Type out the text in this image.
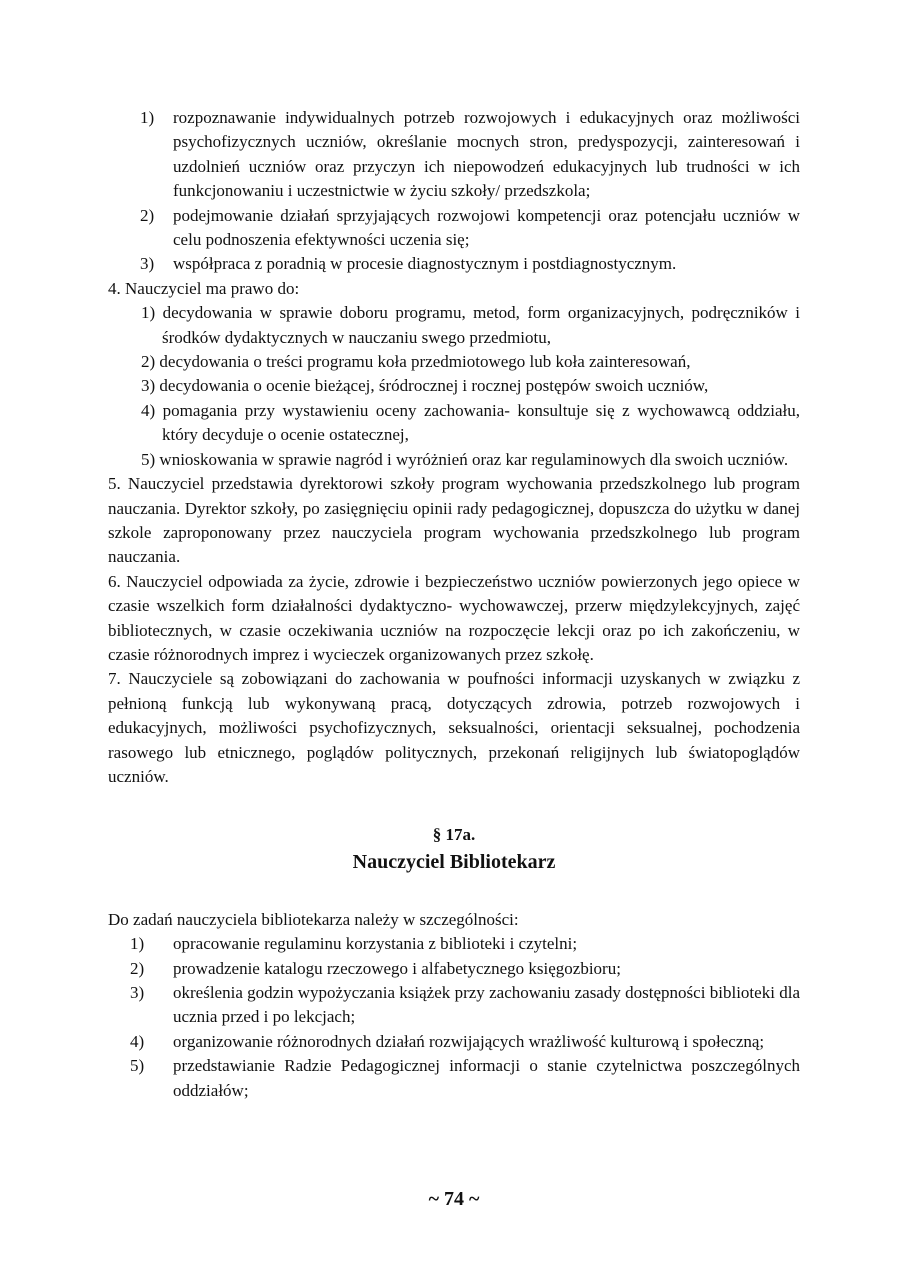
1) rozpoznawanie indywidualnych potrzeb rozwojowych i edukacyjnych oraz możliwości psychofizycznych uczniów, określanie mocnych stron, predyspozycji, zainteresowań i uzdolnień uczniów oraz przyczyn ich niepowodzeń edukacyjnych lub trudności w ich funkcjonowaniu i uczestnictwie w życiu szkoły/ przedszkola;
2) podejmowanie działań sprzyjających rozwojowi kompetencji oraz potencjału uczniów w celu podnoszenia efektywności uczenia się;
3) współpraca z poradnią w procesie diagnostycznym i postdiagnostycznym.

4. Nauczyciel ma prawo do:

1) decydowania w sprawie doboru programu, metod, form organizacyjnych, podręczników i środków dydaktycznych w nauczaniu swego przedmiotu,
2) decydowania o treści programu koła przedmiotowego lub koła zainteresowań,
3) decydowania o ocenie bieżącej, śródrocznej i rocznej postępów swoich uczniów,
4) pomagania przy wystawieniu oceny zachowania- konsultuje się z wychowawcą oddziału, który decyduje o ocenie ostatecznej,
5) wnioskowania w sprawie nagród i wyróżnień oraz kar regulaminowych dla swoich uczniów.

5. Nauczyciel przedstawia dyrektorowi szkoły program wychowania przedszkolnego lub program nauczania. Dyrektor szkoły, po zasięgnięciu opinii rady pedagogicznej, dopuszcza do użytku w danej szkole zaproponowany przez nauczyciela program wychowania przedszkolnego lub program nauczania.

6. Nauczyciel odpowiada za życie, zdrowie i bezpieczeństwo uczniów powierzonych jego opiece w czasie wszelkich form działalności dydaktyczno- wychowawczej, przerw międzylekcyjnych, zajęć bibliotecznych, w czasie oczekiwania uczniów na rozpoczęcie lekcji oraz po ich zakończeniu, w czasie różnorodnych imprez i wycieczek organizowanych przez szkołę.

7. Nauczyciele są zobowiązani do zachowania w poufności informacji uzyskanych w związku z pełnioną funkcją lub wykonywaną pracą, dotyczących zdrowia, potrzeb rozwojowych i edukacyjnych, możliwości psychofizycznych, seksualności, orientacji seksualnej, pochodzenia rasowego lub etnicznego, poglądów politycznych, przekonań religijnych lub światopoglądów uczniów.

§ 17a.
Nauczyciel Bibliotekarz

Do zadań nauczyciela bibliotekarza należy w szczególności:

1) opracowanie regulaminu korzystania z biblioteki i czytelni;
2) prowadzenie katalogu rzeczowego i alfabetycznego księgozbioru;
3) określenia godzin wypożyczania książek przy zachowaniu zasady dostępności biblioteki dla ucznia przed i po lekcjach;
4) organizowanie różnorodnych działań rozwijających wrażliwość kulturową i społeczną;
5) przedstawianie Radzie Pedagogicznej informacji o stanie czytelnictwa poszczególnych oddziałów;
~ 74 ~
